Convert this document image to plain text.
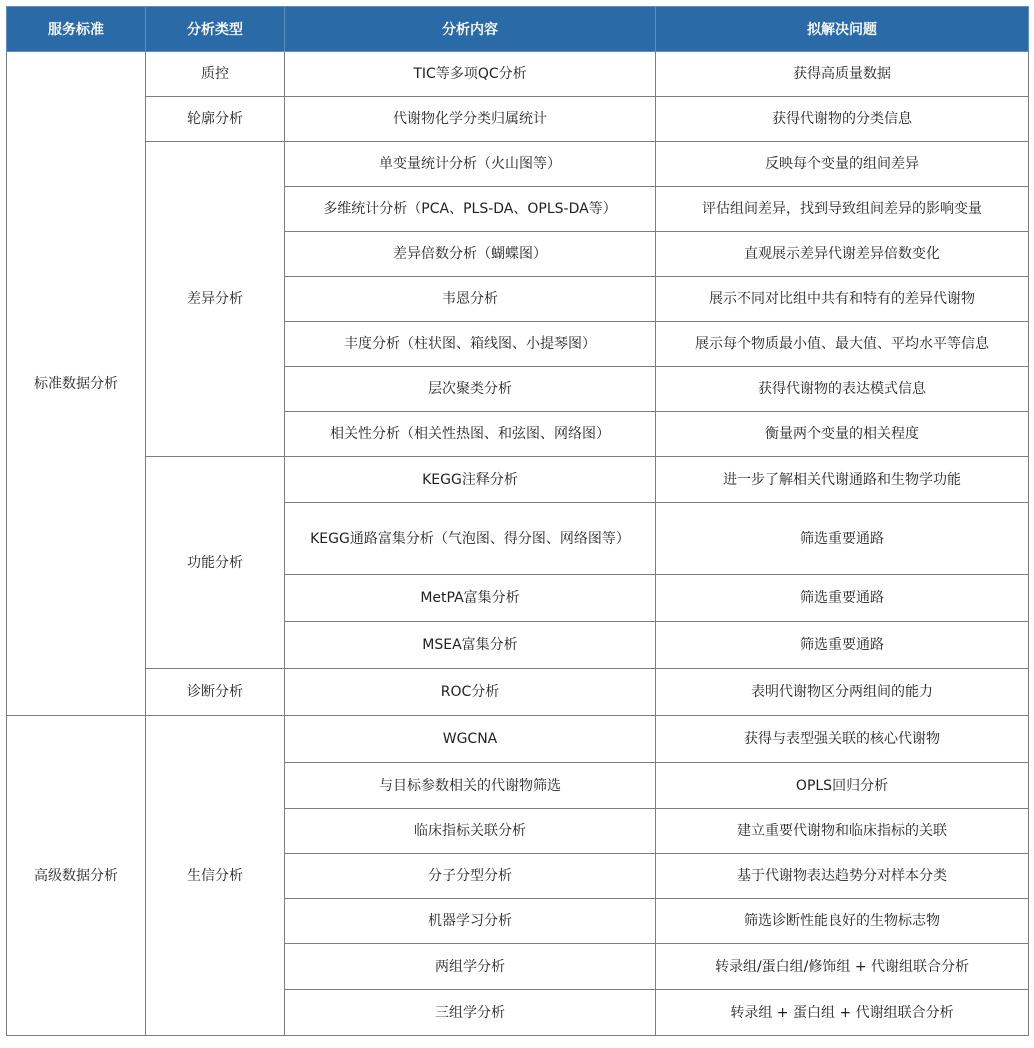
服务标准	分析类型	分析内容	拟解决问题
标准数据分析	质控	TIC等多项QC分析	获得高质量数据
	轮廓分析	代谢物化学分类归属统计	获得代谢物的分类信息
	差异分析	单变量统计分析（火山图等）	反映每个变量的组间差异
		多维统计分析（PCA、PLS-DA、OPLS-DA等）	评估组间差异，找到导致组间差异的影响变量
		差异倍数分析（蝴蝶图）	直观展示差异代谢差异倍数变化
		韦恩分析	展示不同对比组中共有和特有的差异代谢物
		丰度分析（柱状图、箱线图、小提琴图）	展示每个物质最小值、最大值、平均水平等信息
		层次聚类分析	获得代谢物的表达模式信息
		相关性分析（相关性热图、和弦图、网络图）	衡量两个变量的相关程度
	功能分析	KEGG注释分析	进一步了解相关代谢通路和生物学功能
		KEGG通路富集分析（气泡图、得分图、网络图等）	筛选重要通路
		MetPA富集分析	筛选重要通路
		MSEA富集分析	筛选重要通路
	诊断分析	ROC分析	表明代谢物区分两组间的能力
高级数据分析	生信分析	WGCNA	获得与表型强关联的核心代谢物
		与目标参数相关的代谢物筛选	OPLS回归分析
		临床指标关联分析	建立重要代谢物和临床指标的关联
		分子分型分析	基于代谢物表达趋势分对样本分类
		机器学习分析	筛选诊断性能良好的生物标志物
		两组学分析	转录组/蛋白组/修饰组 + 代谢组联合分析
		三组学分析	转录组 + 蛋白组 + 代谢组联合分析
